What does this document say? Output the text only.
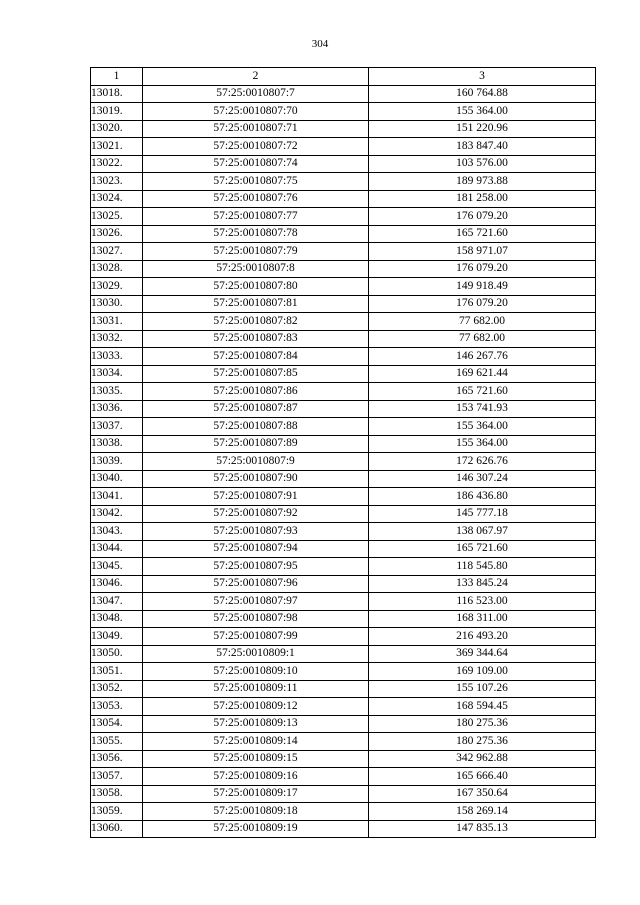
304
1	2	3
13018.	57:25:0010807:7	160 764.88
13019.	57:25:0010807:70	155 364.00
13020.	57:25:0010807:71	151 220.96
13021.	57:25:0010807:72	183 847.40
13022.	57:25:0010807:74	103 576.00
13023.	57:25:0010807:75	189 973.88
13024.	57:25:0010807:76	181 258.00
13025.	57:25:0010807:77	176 079.20
13026.	57:25:0010807:78	165 721.60
13027.	57:25:0010807:79	158 971.07
13028.	57:25:0010807:8	176 079.20
13029.	57:25:0010807:80	149 918.49
13030.	57:25:0010807:81	176 079.20
13031.	57:25:0010807:82	77 682.00
13032.	57:25:0010807:83	77 682.00
13033.	57:25:0010807:84	146 267.76
13034.	57:25:0010807:85	169 621.44
13035.	57:25:0010807:86	165 721.60
13036.	57:25:0010807:87	153 741.93
13037.	57:25:0010807:88	155 364.00
13038.	57:25:0010807:89	155 364.00
13039.	57:25:0010807:9	172 626.76
13040.	57:25:0010807:90	146 307.24
13041.	57:25:0010807:91	186 436.80
13042.	57:25:0010807:92	145 777.18
13043.	57:25:0010807:93	138 067.97
13044.	57:25:0010807:94	165 721.60
13045.	57:25:0010807:95	118 545.80
13046.	57:25:0010807:96	133 845.24
13047.	57:25:0010807:97	116 523.00
13048.	57:25:0010807:98	168 311.00
13049.	57:25:0010807:99	216 493.20
13050.	57:25:0010809:1	369 344.64
13051.	57:25:0010809:10	169 109.00
13052.	57:25:0010809:11	155 107.26
13053.	57:25:0010809:12	168 594.45
13054.	57:25:0010809:13	180 275.36
13055.	57:25:0010809:14	180 275.36
13056.	57:25:0010809:15	342 962.88
13057.	57:25:0010809:16	165 666.40
13058.	57:25:0010809:17	167 350.64
13059.	57:25:0010809:18	158 269.14
13060.	57:25:0010809:19	147 835.13
